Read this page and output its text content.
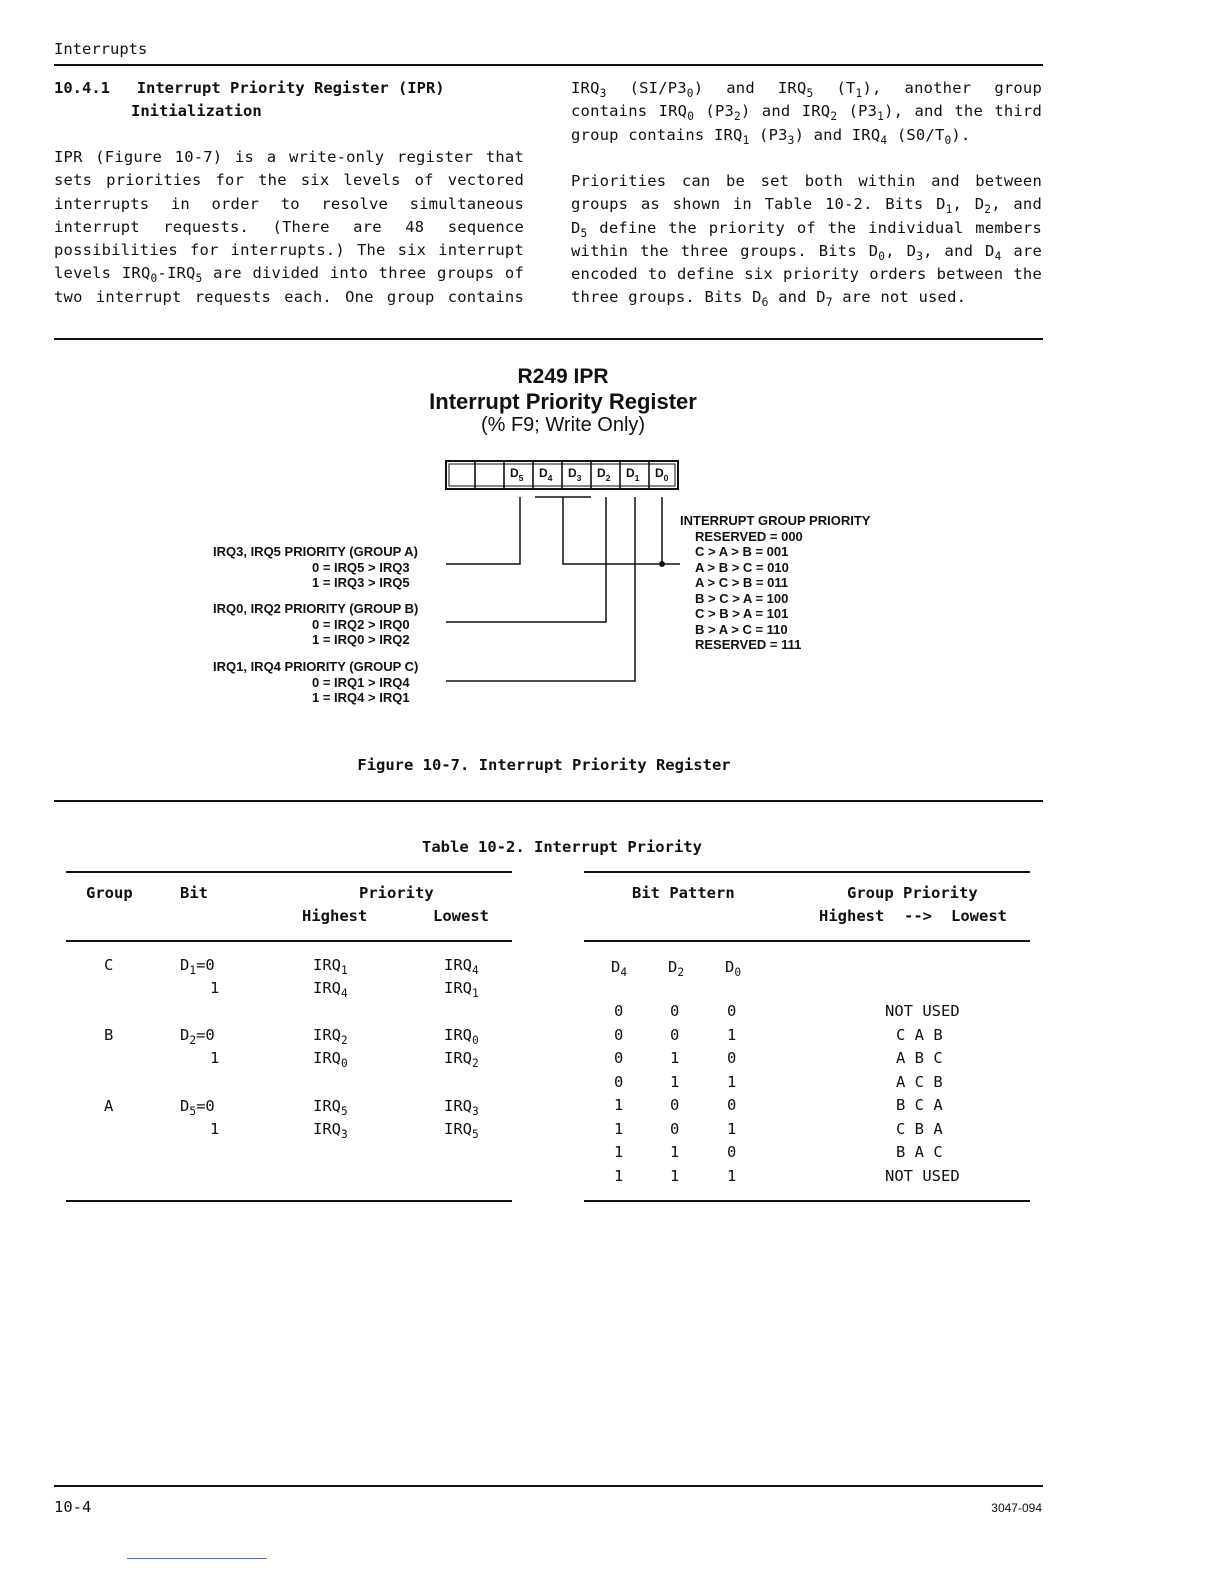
Interrupts
10.4.1 Interrupt Priority Register (IPR)
Initialization
IPR (Figure 10-7) is a write-only register that
sets priorities for the six levels of vectored
interrupts in order to resolve simultaneous
interrupt requests. (There are 48 sequence
possibilities for interrupts.) The six interrupt
levels $IRQ_0-IRQ_5$ are divided into three groups of
two interrupt requests each. One group contains
$IRQ_3$ $(SI/P3_0)$ and $IRQ_5$ $(T_1)$, another group
contains $IRQ_0$ $(P3_2)$ and $IRQ_2$ $(P3_1)$, and the third
group contains $IRQ_1$ $(P3_3)$ and $IRQ_4$ $(S0/T_0)$.
Priorities can be set both within and between
groups as shown in Table 10-2. Bits $D_1$, $D_2$, and
$D_5$ define the priority of the individual members
within the three groups. Bits $D_0$, $D_3$, and $D_4$ are
encoded to define six priority orders between the
three groups. Bits $D_6$ and $D_7$ are not used.
R249 IPR
Interrupt Priority Register
(% F9; Write Only)
$D_5$ $D_4$ $D_3$ $D_2$ $D_1$ $D_0$
IRQ3, IRQ5 PRIORITY (GROUP A)
0 = IRQ5 > IRQ3
1 = IRQ3 > IRQ5
IRQ0, IRQ2 PRIORITY (GROUP B)
0 = IRQ2 > IRQ0
1 = IRQ0 > IRQ2
IRQ1, IRQ4 PRIORITY (GROUP C)
0 = IRQ1 > IRQ4
1 = IRQ4 > IRQ1
INTERRUPT GROUP PRIORITY
RESERVED = 000
C > A > B = 001
A > B > C = 010
A > C > B = 011
B > C > A = 100
C > B > A = 101
B > A > C = 110
RESERVED = 111
Figure 10-7. Interrupt Priority Register
Table 10-2. Interrupt Priority
Group	Bit	Priority
Highest	Lowest
Bit Pattern	Group Priority
Highest --> Lowest
C	$D_1=0$	$IRQ_1$	$IRQ_4$
1	$IRQ_4$	$IRQ_1$
B	$D_2=0$	$IRQ_2$	$IRQ_0$
1	$IRQ_0$	$IRQ_2$
A	$D_5=0$	$IRQ_5$	$IRQ_3$
1	$IRQ_3$	$IRQ_5$
$D_4$	$D_2$	$D_0$
0	0	0	NOT USED
0	0	1	C A B
0	1	0	A B C
0	1	1	A C B
1	0	0	B C A
1	0	1	C B A
1	1	0	B A C
1	1	1	NOT USED
10-4	3047-094
